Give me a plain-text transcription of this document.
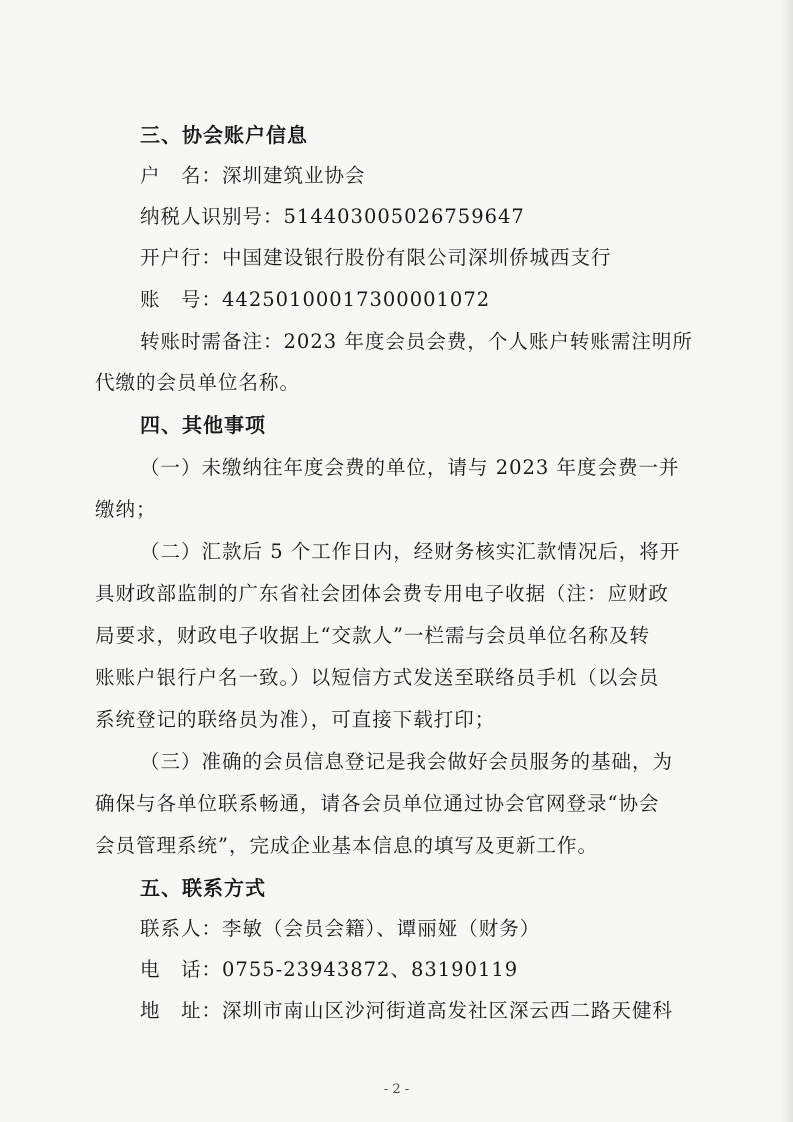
三、协会账户信息
户　名：深圳建筑业协会
纳税人识别号：514403005026759647
开户行：中国建设银行股份有限公司深圳侨城西支行
账　号：44250100017300001072
转账时需备注：2023 年度会员会费，个人账户转账需注明所
代缴的会员单位名称。
四、其他事项
（一）未缴纳往年度会费的单位，请与 2023 年度会费一并
缴纳；
（二）汇款后 5 个工作日内，经财务核实汇款情况后，将开
具财政部监制的广东省社会团体会费专用电子收据（注：应财政
局要求，财政电子收据上“交款人”一栏需与会员单位名称及转
账账户银行户名一致。）以短信方式发送至联络员手机（以会员
系统登记的联络员为准），可直接下载打印；
（三）准确的会员信息登记是我会做好会员服务的基础，为
确保与各单位联系畅通，请各会员单位通过协会官网登录“协会
会员管理系统”，完成企业基本信息的填写及更新工作。
五、联系方式
联系人：李敏（会员会籍）、谭丽娅（财务）
电　话：0755-23943872、83190119
地　址：深圳市南山区沙河街道高发社区深云西二路天健科
- 2 -
